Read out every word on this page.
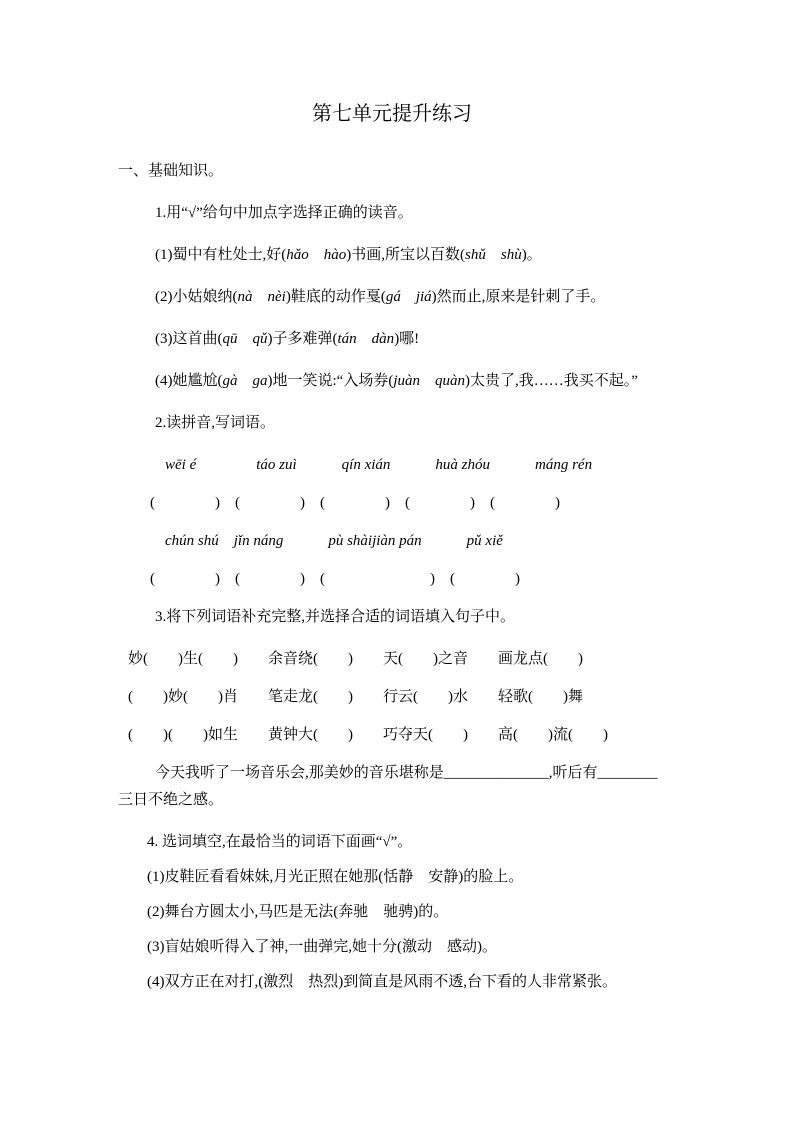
第七单元提升练习
一、基础知识。
1.用“√”给句中加点字选择正确的读音。
(1)蜀中有杜处士,好(hǎo　hào)书画,所宝以百数(shǔ　shù)。
(2)小姑娘纳(nà　nèi)鞋底的动作戛(gá　jiá)然而止,原来是针刺了手。
(3)这首曲(qū　qǔ)子多难弹(tán　dàn)哪!
(4)她尴尬(gà　ga)地一笑说:“入场券(juàn　quàn)太贵了,我……我买不起。”
2.读拼音,写词语。
wēi é　　　　táo zuì　　　qín xián　　　huà zhóu　　　máng rén
(　　　　)　(　　　　)　(　　　　)　(　　　　)　(　　　　)
chún shú　jǐn náng　　　pù shàijiàn pán　　　pǔ xiě
(　　　　)　(　　　　)　(　　　　　　　)　(　　　　)
3.将下列词语补充完整,并选择合适的词语填入句子中。
妙(　　)生(　　)　　余音绕(　　)　　天(　　)之音　　画龙点(　　)
(　　)妙(　　)肖　　笔走龙(　　)　　行云(　　)水　　轻歌(　　)舞
(　　)(　　)如生　　黄钟大(　　)　　巧夺天(　　)　　高(　　)流(　　)
今天我听了一场音乐会,那美妙的音乐堪称是______________,听后有________三日不绝之感。
4. 选词填空,在最恰当的词语下面画“√”。
(1)皮鞋匠看看妹妹,月光正照在她那(恬静　安静)的脸上。
(2)舞台方圆太小,马匹是无法(奔驰　驰骋)的。
(3)盲姑娘听得入了神,一曲弹完,她十分(激动　感动)。
(4)双方正在对打,(激烈　热烈)到简直是风雨不透,台下看的人非常紧张。
